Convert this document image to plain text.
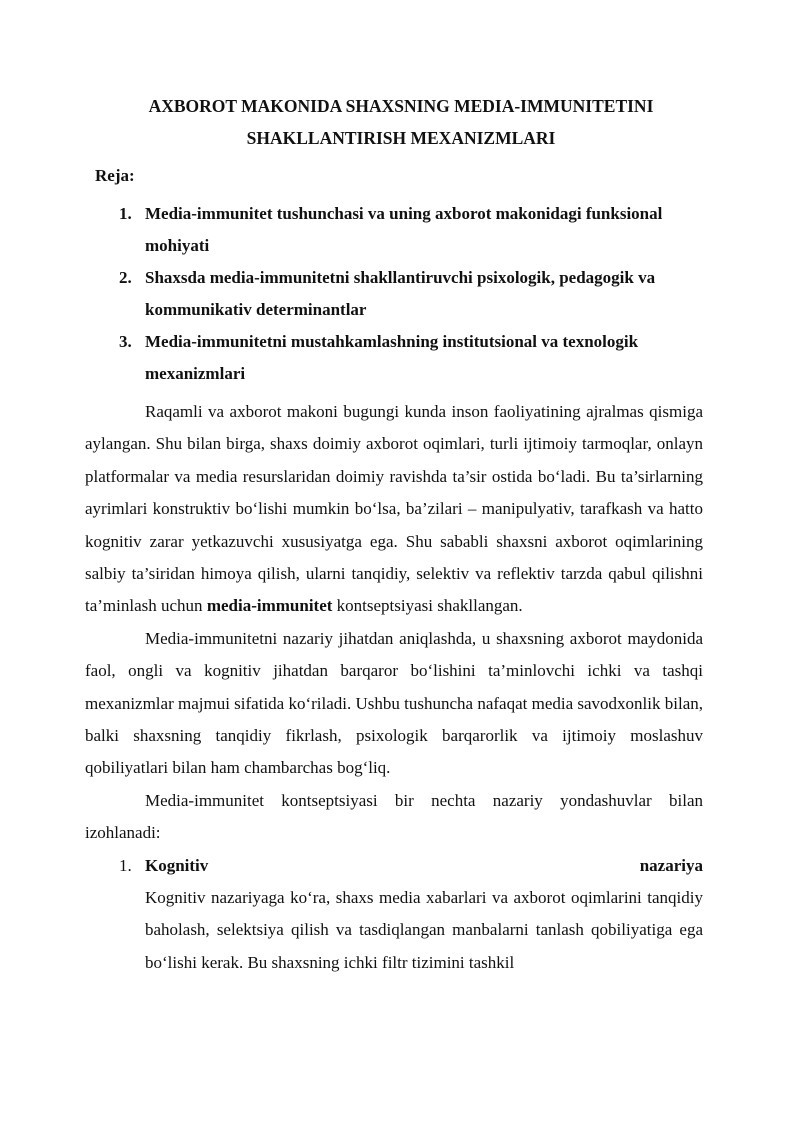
AXBOROT MAKONIDA SHAXSNING MEDIA-IMMUNITETINI
SHAKLLANTIRISH MEXANIZMLARI
Reja:
1. Media-immunitet tushunchasi va uning axborot makonidagi funksional mohiyati
2. Shaxsda media-immunitetni shakllantiruvchi psixologik, pedagogik va kommunikativ determinantlar
3. Media-immunitetni mustahkamlashning institutsional va texnologik mexanizmlari

Raqamli va axborot makoni bugungi kunda inson faoliyatining ajralmas qismiga aylangan. Shu bilan birga, shaxs doimiy axborot oqimlari, turli ijtimoiy tarmoqlar, onlayn platformalar va media resurslaridan doimiy ravishda ta’sir ostida bo‘ladi. Bu ta’sirlarning ayrimlari konstruktiv bo‘lishi mumkin bo‘lsa, ba’zilari – manipulyativ, tarafkash va hatto kognitiv zarar yetkazuvchi xususiyatga ega. Shu sababli shaxsni axborot oqimlarining salbiy ta’siridan himoya qilish, ularni tanqidiy, selektiv va reflektiv tarzda qabul qilishni ta’minlash uchun media-immunitet kontseptsiyasi shakllangan.

Media-immunitetni nazariy jihatdan aniqlashda, u shaxsning axborot maydonida faol, ongli va kognitiv jihatdan barqaror bo‘lishini ta’minlovchi ichki va tashqi mexanizmlar majmui sifatida ko‘riladi. Ushbu tushuncha nafaqat media savodxonlik bilan, balki shaxsning tanqidiy fikrlash, psixologik barqarorlik va ijtimoiy moslashuv qobiliyatlari bilan ham chambarchas bog‘liq.

Media-immunitet kontseptsiyasi bir nechta nazariy yondashuvlar bilan izohlanadi:

1. Kognitiv	nazariya

Kognitiv nazariyaga ko‘ra, shaxs media xabarlari va axborot oqimlarini tanqidiy baholash, selektsiya qilish va tasdiqlangan manbalarni tanlash qobiliyatiga ega bo‘lishi kerak. Bu shaxsning ichki filtr tizimini tashkil
